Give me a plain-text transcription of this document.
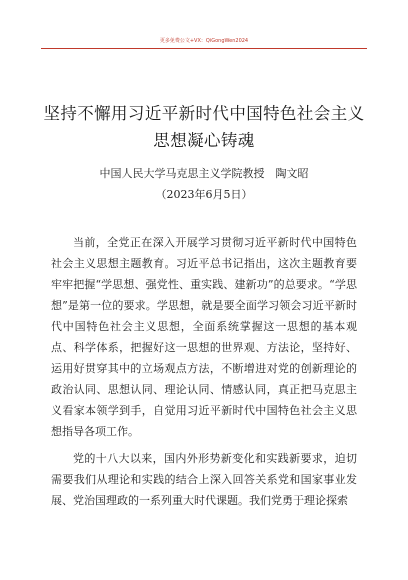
更多免费公文+VX：QiGongWen2024
坚持不懈用习近平新时代中国特色社会主义思想凝心铸魂
中国人民大学马克思主义学院教授　陶文昭
（2023年6月5日）

当前，全党正在深入开展学习贯彻习近平新时代中国特色社会主义思想主题教育。习近平总书记指出，这次主题教育要牢牢把握“学思想、强党性、重实践、建新功”的总要求。“学思想”是第一位的要求。学思想，就是要全面学习领会习近平新时代中国特色社会主义思想，全面系统掌握这一思想的基本观点、科学体系，把握好这一思想的世界观、方法论，坚持好、运用好贯穿其中的立场观点方法，不断增进对党的创新理论的政治认同、思想认同、理论认同、情感认同，真正把马克思主义看家本领学到手，自觉用习近平新时代中国特色社会主义思想指导各项工作。

党的十八大以来，国内外形势新变化和实践新要求，迫切需要我们从理论和实践的结合上深入回答关系党和国家事业发展、党治国理政的一系列重大时代课题。我们党勇于理论探索
